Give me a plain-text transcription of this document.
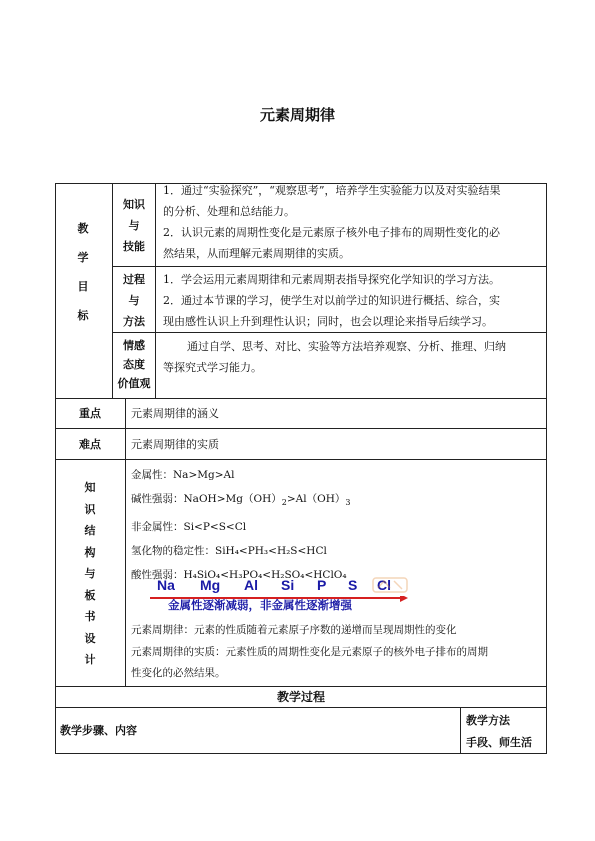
元素周期律
教
学
目
标
知识
与
技能
1．通过“实验探究”，“观察思考”，培养学生实验能力以及对实验结果
的分析、处理和总结能力。
2．认识元素的周期性变化是元素原子核外电子排布的周期性变化的必
然结果，从而理解元素周期律的实质。
过程
与
方法
1．学会运用元素周期律和元素周期表指导探究化学知识的学习方法。
2．通过本节课的学习，使学生对以前学过的知识进行概括、综合，实
现由感性认识上升到理性认识；同时，也会以理论来指导后续学习。
情感
态度
价值观
通过自学、思考、对比、实验等方法培养观察、分析、推理、归纳
等探究式学习能力。
重点	元素周期律的涵义
难点	元素周期律的实质
知
识
结
构
与
板
书
设
计
金属性：Na>Mg>Al
碱性强弱：$NaOH>Mg(OH)_2>Al(OH)_3$
非金属性：Si<P<S<Cl
氢化物的稳定性：SiH₄<PH₃<H₂S<HCl
酸性强弱：H₄SiO₄<H₃PO₄<H₂SO₄<HClO₄
Na Mg Al Si P S Cl
金属性逐渐减弱，非金属性逐渐增强
元素周期律：元素的性质随着元素原子序数的递增而呈现周期性的变化
元素周期律的实质：元素性质的周期性变化是元素原子的核外电子排布的周期
性变化的必然结果。
教学过程
教学步骤、内容
教学方法
手段、师生活
